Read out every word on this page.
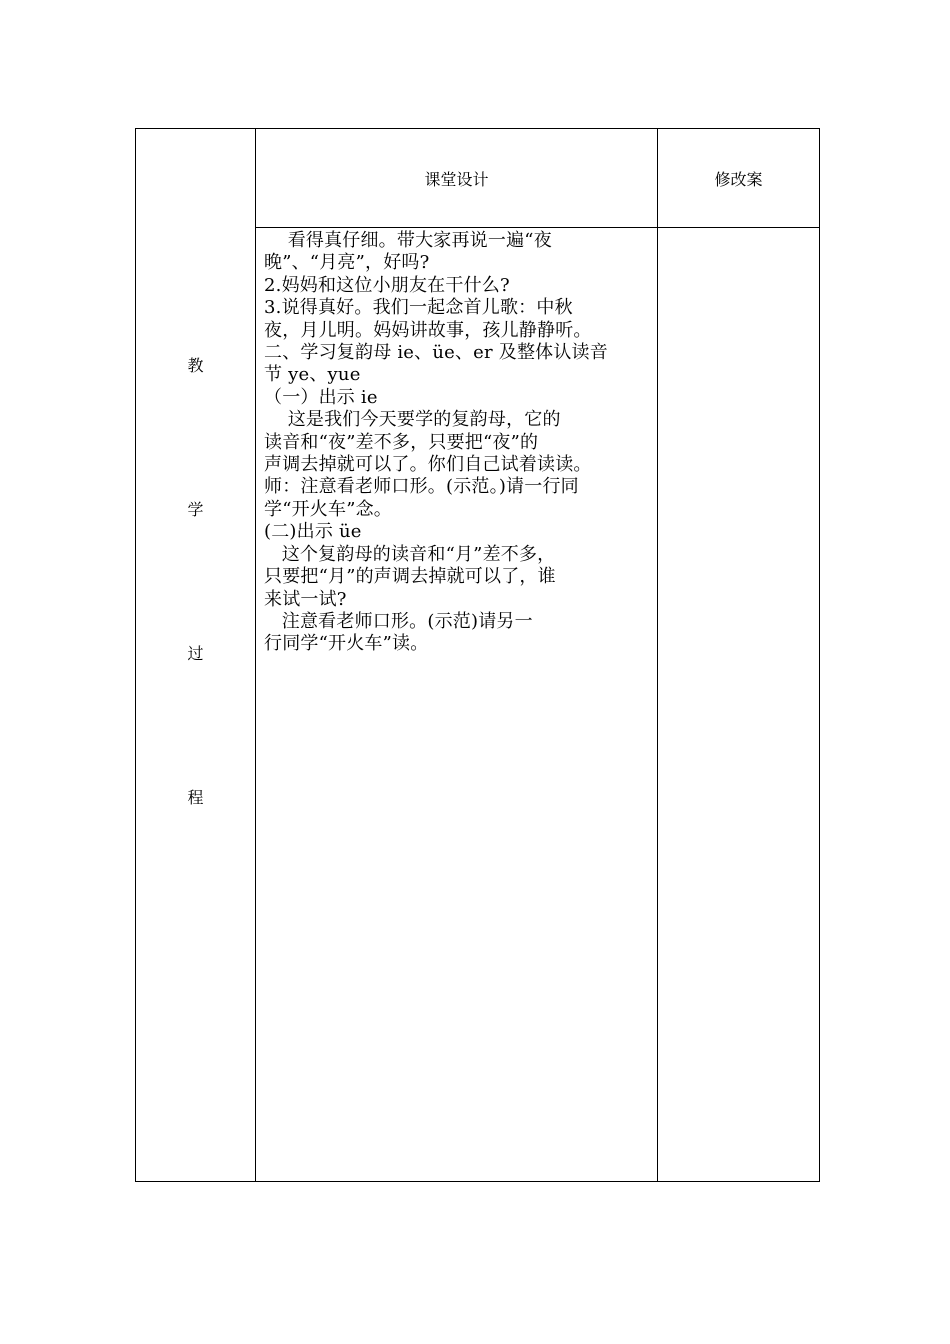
课堂设计	修改案
教
学
过
程

看得真仔细。带大家再说一遍“夜

晚”、“月亮”，好吗?

2.妈妈和这位小朋友在干什么?

3.说得真好。我们一起念首儿歌：中秋

夜，月儿明。妈妈讲故事，孩儿静静听。

二、学习复韵母 ie、üe、er 及整体认读音

节 ye、yue

（一）出示 ie

这是我们今天要学的复韵母，它的

读音和“夜”差不多，只要把“夜”的

声调去掉就可以了。你们自己试着读读。

师：注意看老师口形。(示范。)请一行同

学“开火车”念。

(二)出示 üe

这个复韵母的读音和“月”差不多，

只要把“月”的声调去掉就可以了，谁

来试一试?

注意看老师口形。(示范)请另一

行同学“开火车”读。
